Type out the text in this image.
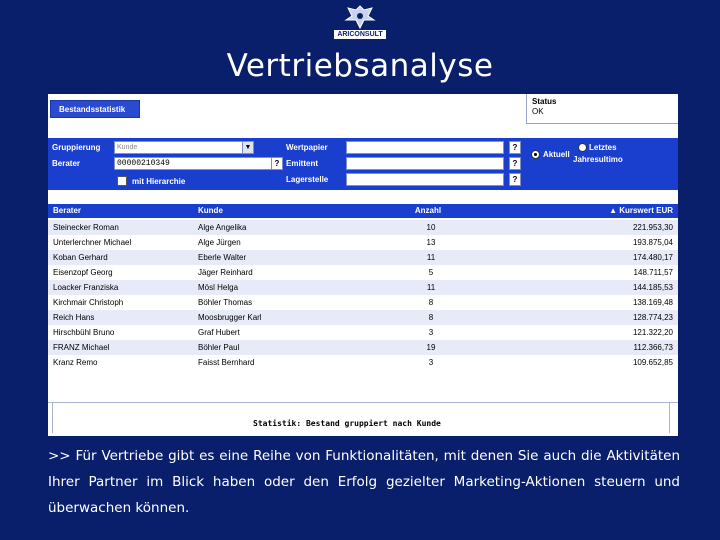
ARICONSULT
Vertriebsanalyse
Bestandsstatistik
Status
OK
Gruppierung	Kunde	▼
Berater	00000210349	?
mit Hierarchie
Wertpapier	?
Emittent	?
Lagerstelle	?
Aktuell
Letztes
Jahresultimo
Berater	Kunde	Anzahl	▲ Kurswert EUR
Steinecker Roman	Alge Angelika	10	221.953,30
Unterlerchner Michael	Alge Jürgen	13	193.875,04
Koban Gerhard	Eberle Walter	11	174.480,17
Eisenzopf Georg	Jäger Reinhard	5	148.711,57
Loacker Franziska	Mösl Helga	11	144.185,53
Kirchmair Christoph	Böhler Thomas	8	138.169,48
Reich Hans	Moosbrugger Karl	8	128.774,23
Hirschbühl Bruno	Graf Hubert	3	121.322,20
FRANZ Michael	Böhler Paul	19	112.366,73
Kranz Remo	Faisst Bernhard	3	109.652,85
Statistik: Bestand gruppiert nach Kunde
>> Für Vertriebe gibt es eine Reihe von Funktionalitäten, mit denen Sie auch die Aktivitäten Ihrer Partner im Blick haben oder den Erfolg gezielter Marketing-Aktionen steuern und überwachen können.
